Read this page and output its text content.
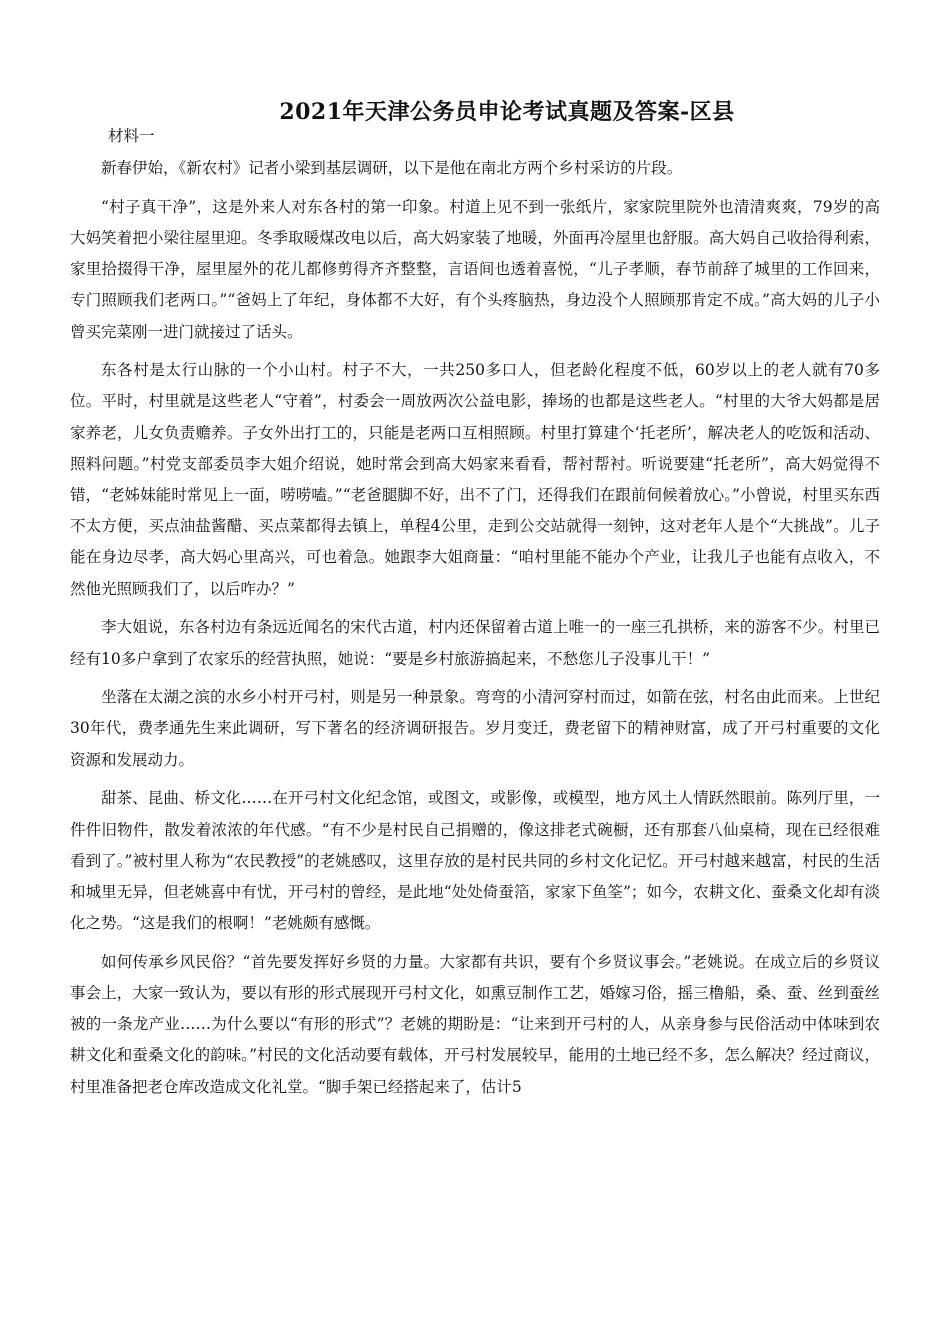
2021年天津公务员申论考试真题及答案-区县
材料一

新春伊始，《新农村》记者小梁到基层调研，以下是他在南北方两个乡村采访的片段。

“村子真干净”，这是外来人对东各村的第一印象。村道上见不到一张纸片，家家院里院外也清清爽爽，79岁的高大妈笑着把小梁往屋里迎。冬季取暖煤改电以后，高大妈家装了地暖，外面再冷屋里也舒服。高大妈自己收拾得利索，家里拾掇得干净，屋里屋外的花儿都修剪得齐齐整整，言语间也透着喜悦，“儿子孝顺，春节前辞了城里的工作回来，专门照顾我们老两口。”“爸妈上了年纪，身体都不大好，有个头疼脑热，身边没个人照顾那肯定不成。”高大妈的儿子小曾买完菜刚一进门就接过了话头。

东各村是太行山脉的一个小山村。村子不大，一共250多口人，但老龄化程度不低，60岁以上的老人就有70多位。平时，村里就是这些老人“守着”，村委会一周放两次公益电影，捧场的也都是这些老人。“村里的大爷大妈都是居家养老，儿女负责赡养。子女外出打工的，只能是老两口互相照顾。村里打算建个‘托老所’，解决老人的吃饭和活动、照料问题。”村党支部委员李大姐介绍说，她时常会到高大妈家来看看，帮衬帮衬。听说要建“托老所”，高大妈觉得不错，“老姊妹能时常见上一面，唠唠嗑。”“老爸腿脚不好，出不了门，还得我们在跟前伺候着放心。”小曾说，村里买东西不太方便，买点油盐酱醋、买点菜都得去镇上，单程4公里，走到公交站就得一刻钟，这对老年人是个“大挑战”。儿子能在身边尽孝，高大妈心里高兴，可也着急。她跟李大姐商量：“咱村里能不能办个产业，让我儿子也能有点收入，不然他光照顾我们了，以后咋办？”

李大姐说，东各村边有条远近闻名的宋代古道，村内还保留着古道上唯一的一座三孔拱桥，来的游客不少。村里已经有10多户拿到了农家乐的经营执照，她说：“要是乡村旅游搞起来，不愁您儿子没事儿干！”

坐落在太湖之滨的水乡小村开弓村，则是另一种景象。弯弯的小清河穿村而过，如箭在弦，村名由此而来。上世纪30年代，费孝通先生来此调研，写下著名的经济调研报告。岁月变迁，费老留下的精神财富，成了开弓村重要的文化资源和发展动力。

甜茶、昆曲、桥文化……在开弓村文化纪念馆，或图文，或影像，或模型，地方风土人情跃然眼前。陈列厅里，一件件旧物件，散发着浓浓的年代感。“有不少是村民自己捐赠的，像这排老式碗橱，还有那套八仙桌椅，现在已经很难看到了。”被村里人称为“农民教授”的老姚感叹，这里存放的是村民共同的乡村文化记忆。开弓村越来越富，村民的生活和城里无异，但老姚喜中有忧，开弓村的曾经，是此地“处处倚蚕箔，家家下鱼筌”；如今，农耕文化、蚕桑文化却有淡化之势。“这是我们的根啊！”老姚颇有感慨。

如何传承乡风民俗？“首先要发挥好乡贤的力量。大家都有共识，要有个乡贤议事会。”老姚说。在成立后的乡贤议事会上，大家一致认为，要以有形的形式展现开弓村文化，如熏豆制作工艺，婚嫁习俗，摇三橹船，桑、蚕、丝到蚕丝被的一条龙产业……为什么要以“有形的形式”？老姚的期盼是：“让来到开弓村的人，从亲身参与民俗活动中体味到农耕文化和蚕桑文化的韵味。”村民的文化活动要有载体，开弓村发展较早，能用的土地已经不多，怎么解决？经过商议，村里准备把老仓库改造成文化礼堂。“脚手架已经搭起来了，估计5
